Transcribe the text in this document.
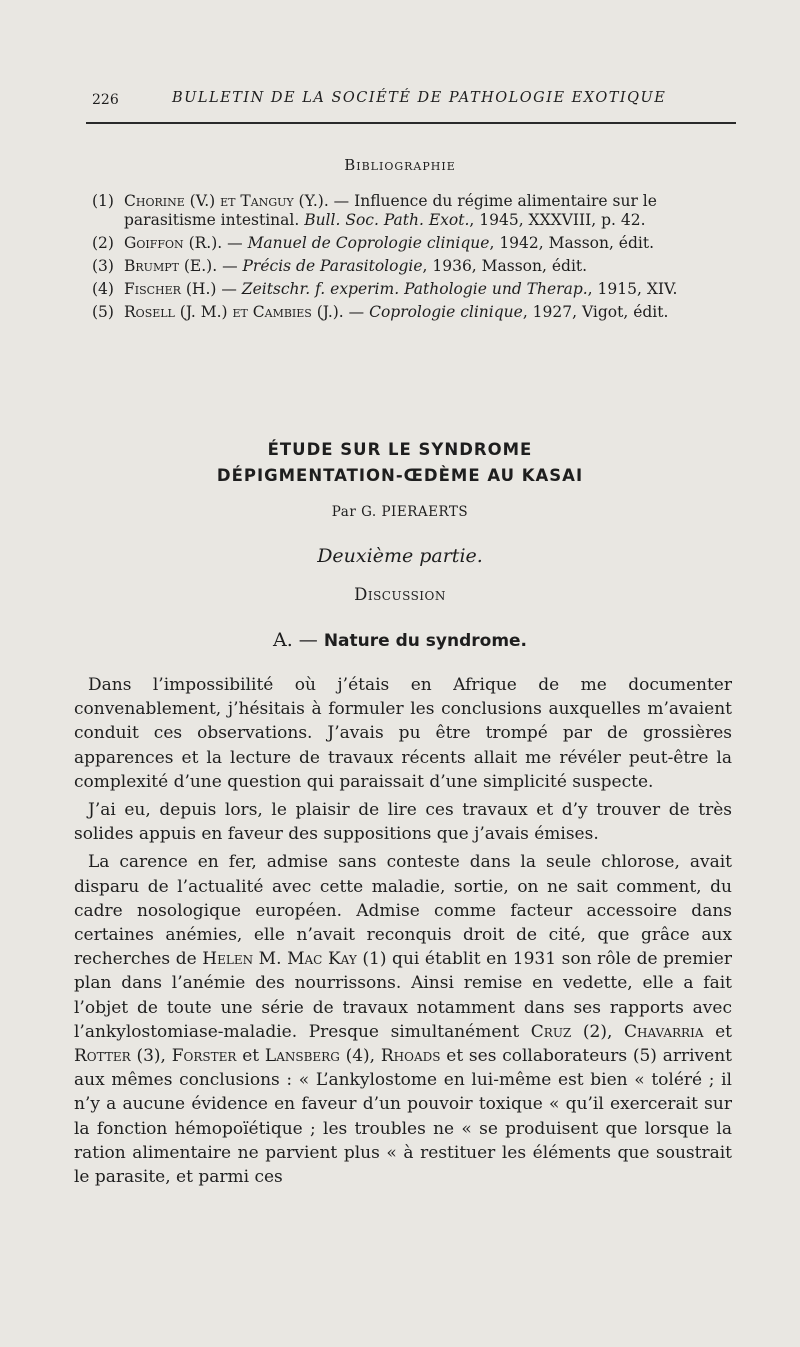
226	BULLETIN DE LA SOCIÉTÉ DE PATHOLOGIE EXOTIQUE
Bibliographie
(1) Chorine (V.) et Tanguy (Y.). — Influence du régime alimentaire sur le parasitisme intestinal. Bull. Soc. Path. Exot., 1945, XXXVIII, p. 42.
(2) Goiffon (R.). — Manuel de Coprologie clinique, 1942, Masson, édit.
(3) Brumpt (E.). — Précis de Parasitologie, 1936, Masson, édit.
(4) Fischer (H.) — Zeitschr. f. experim. Pathologie und Therap., 1915, XIV.
(5) Rosell (J. M.) et Cambies (J.). — Coprologie clinique, 1927, Vigot, édit.
ÉTUDE SUR LE SYNDROME
DÉPIGMENTATION-ŒDÈME AU KASAI
Par G. PIERAERTS
Deuxième partie.
Discussion
A. — Nature du syndrome.

Dans l’impossibilité où j’étais en Afrique de me documenter convenablement, j’hésitais à formuler les conclusions auxquelles m’avaient conduit ces observations. J’avais pu être trompé par de grossières apparences et la lecture de travaux récents allait me révéler peut-être la complexité d’une question qui paraissait d’une simplicité suspecte.

J’ai eu, depuis lors, le plaisir de lire ces travaux et d’y trouver de très solides appuis en faveur des suppositions que j’avais émises.

La carence en fer, admise sans conteste dans la seule chlorose, avait disparu de l’actualité avec cette maladie, sortie, on ne sait comment, du cadre nosologique européen. Admise comme facteur accessoire dans certaines anémies, elle n’avait reconquis droit de cité, que grâce aux recherches de Helen M. Mac Kay (1) qui établit en 1931 son rôle de premier plan dans l’anémie des nourrissons. Ainsi remise en vedette, elle a fait l’objet de toute une série de travaux notamment dans ses rapports avec l’ankylostomiase-maladie. Presque simultanément Cruz (2), Chavarria et Rotter (3), Forster et Lansberg (4), Rhoads et ses collaborateurs (5) arrivent aux mêmes conclusions : « L’ankylostome en lui-même est bien « toléré ; il n’y a aucune évidence en faveur d’un pouvoir toxique « qu’il exercerait sur la fonction hémopoïétique ; les troubles ne « se produisent que lorsque la ration alimentaire ne parvient plus « à restituer les éléments que soustrait le parasite, et parmi ces
